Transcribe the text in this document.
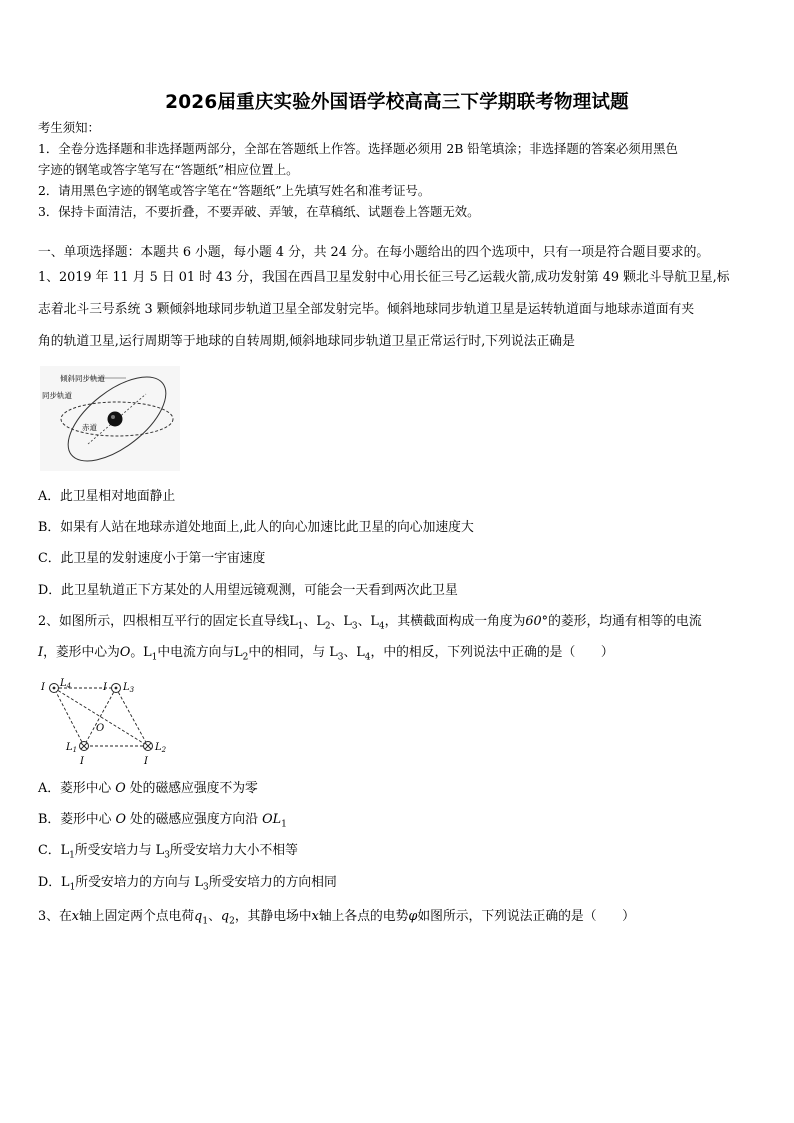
2026届重庆实验外国语学校高高三下学期联考物理试题
考生须知：
1．全卷分选择题和非选择题两部分，全部在答题纸上作答。选择题必须用 2B 铅笔填涂；非选择题的答案必须用黑色
字迹的钢笔或答字笔写在“答题纸”相应位置上。
2．请用黑色字迹的钢笔或答字笔在“答题纸”上先填写姓名和准考证号。
3．保持卡面清洁，不要折叠，不要弄破、弄皱，在草稿纸、试题卷上答题无效。
一、单项选择题：本题共 6 小题，每小题 4 分，共 24 分。在每小题给出的四个选项中，只有一项是符合题目要求的。
1、2019 年 11 月 5 日 01 时 43 分，我国在西昌卫星发射中心用长征三号乙运载火箭,成功发射第 49 颗北斗导航卫星,标
志着北斗三号系统 3 颗倾斜地球同步轨道卫星全部发射完毕。倾斜地球同步轨道卫星是运转轨道面与地球赤道面有夹
角的轨道卫星,运行周期等于地球的自转周期,倾斜地球同步轨道卫星正常运行时,下列说法正确是
倾斜同步轨道
同步轨道
赤道
A．此卫星相对地面静止
B．如果有人站在地球赤道处地面上,此人的向心加速比此卫星的向心加速度大
C．此卫星的发射速度小于第一宇宙速度
D．此卫星轨道正下方某处的人用望远镜观测，可能会一天看到两次此卫星
2、如图所示，四根相互平行的固定长直导线$L_1$、$L_2$、$L_3$、$L_4$，其横截面构成一角度为60°的菱形，均通有相等的电流
I，菱形中心为O。$L_1$中电流方向与$L_2$中的相同，与 $L_3$、$L_4$，中的相反，下列说法中正确的是（　　）
I $L_4$	I $L_3$
O
$L_1$
I
$L_2$
I
A．菱形中心 O 处的磁感应强度不为零
B．菱形中心 O 处的磁感应强度方向沿 $OL_1$
C．$L_1$所受安培力与 $L_3$所受安培力大小不相等
D．$L_1$所受安培力的方向与 $L_3$所受安培力的方向相同
3、在x轴上固定两个点电荷$q_1$、$q_2$，其静电场中x轴上各点的电势φ如图所示，下列说法正确的是（　　）
